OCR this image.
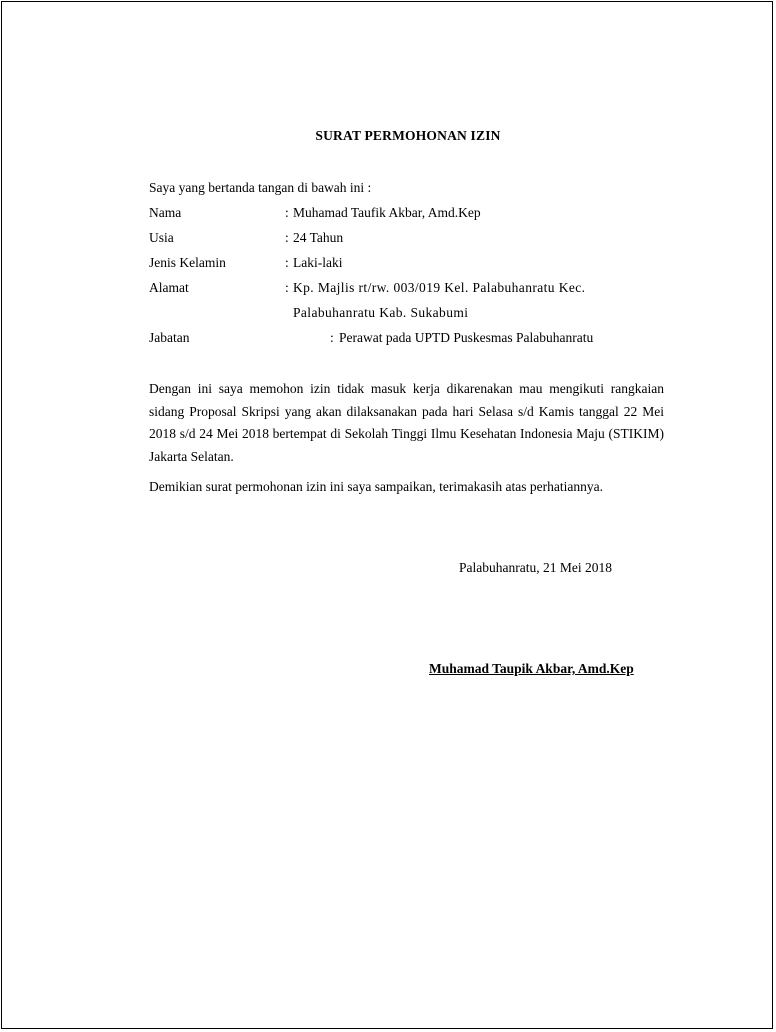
SURAT PERMOHONAN IZIN
Saya yang bertanda tangan di bawah ini :
Nama	: Muhamad Taufik Akbar, Amd.Kep
Usia	: 24 Tahun
Jenis Kelamin	: Laki-laki
Alamat	: Kp. Majlis rt/rw. 003/019 Kel. Palabuhanratu Kec.
Palabuhanratu Kab. Sukabumi
Jabatan	: Perawat pada UPTD Puskesmas Palabuhanratu
Dengan ini saya memohon izin tidak masuk kerja dikarenakan mau mengikuti rangkaian sidang Proposal Skripsi yang akan dilaksanakan pada hari Selasa s/d Kamis tanggal 22 Mei 2018 s/d 24 Mei 2018 bertempat di Sekolah Tinggi Ilmu Kesehatan Indonesia Maju (STIKIM) Jakarta Selatan.
Demikian surat permohonan izin ini saya sampaikan, terimakasih atas perhatiannya.
Palabuhanratu, 21 Mei 2018
Muhamad Taupik Akbar, Amd.Kep
